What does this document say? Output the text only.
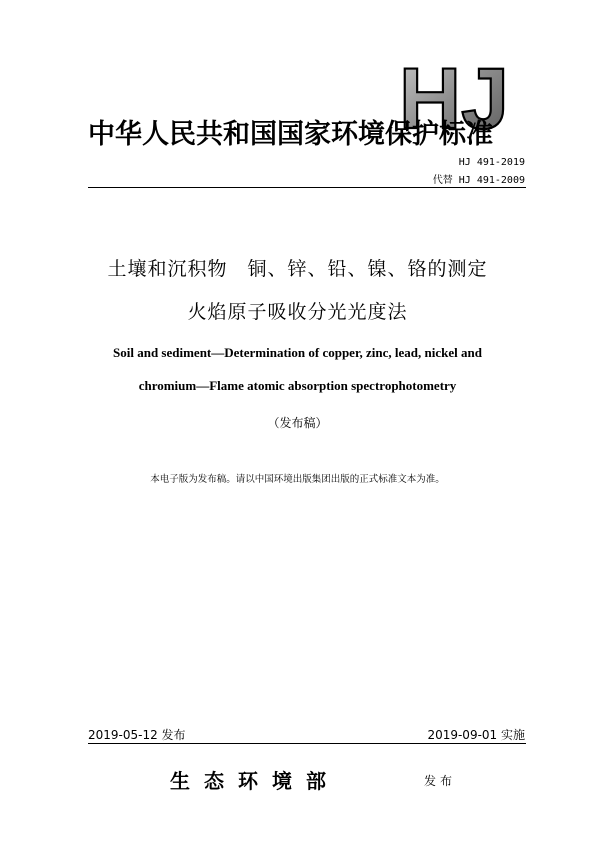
HJ
中华人民共和国国家环境保护标准
HJ 491-2019
代替 HJ 491-2009
土壤和沉积物　铜、锌、铅、镍、铬的测定
火焰原子吸收分光光度法
Soil and sediment—Determination of copper, zinc, lead, nickel and
chromium—Flame atomic absorption spectrophotometry
（发布稿）
本电子版为发布稿。请以中国环境出版集团出版的正式标准文本为准。
2019-05-12 发布	2019-09-01 实施
生态环境部	发布
